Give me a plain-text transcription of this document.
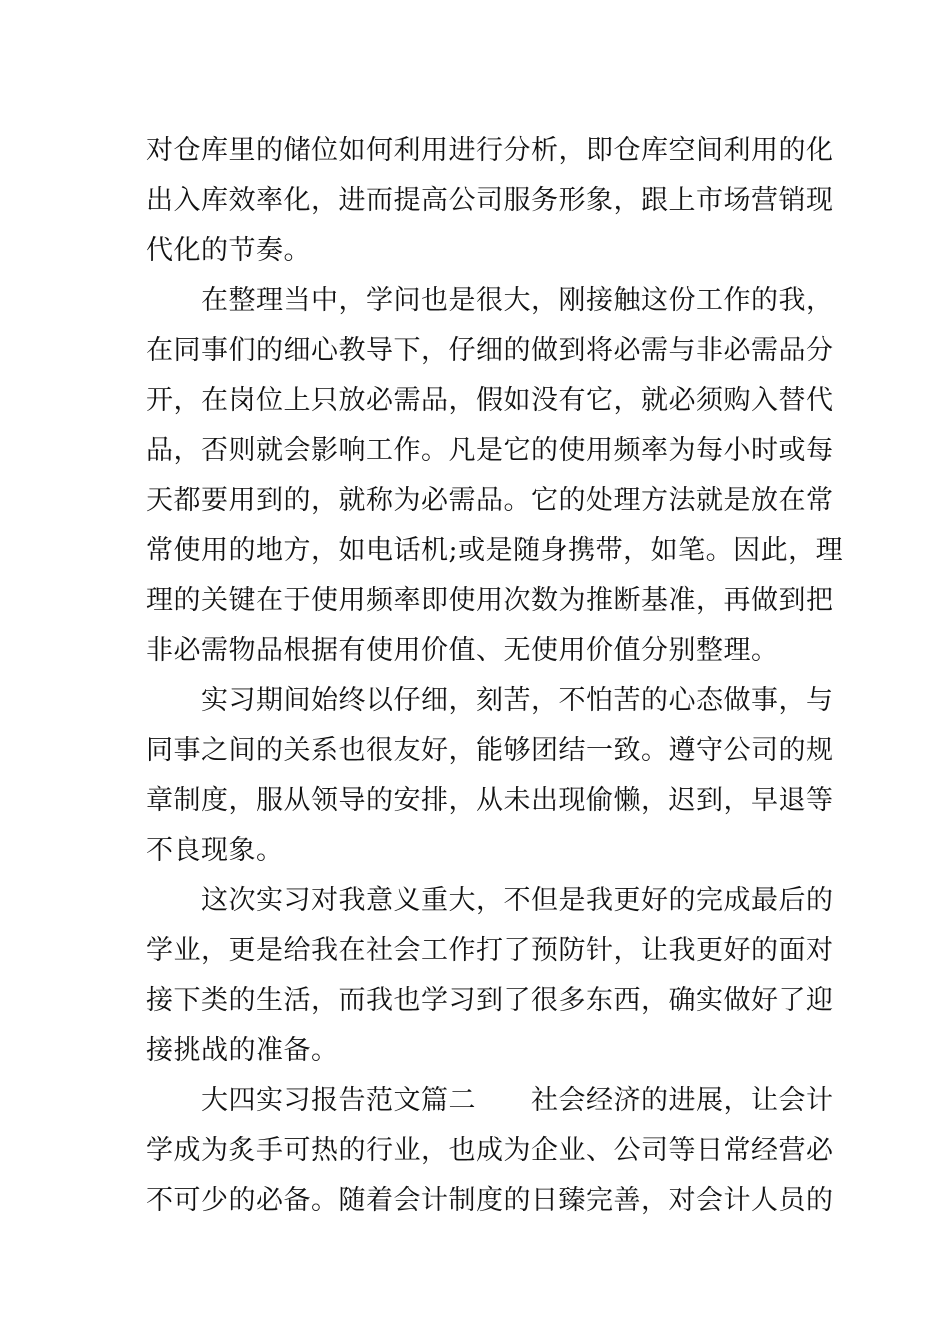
对仓库里的储位如何利用进行分析，即仓库空间利用的化
出入库效率化，进而提高公司服务形象，跟上市场营销现
代化的节奏。
在整理当中，学问也是很大，刚接触这份工作的我，
在同事们的细心教导下，仔细的做到将必需与非必需品分
开，在岗位上只放必需品，假如没有它，就必须购入替代
品，否则就会影响工作。凡是它的使用频率为每小时或每
天都要用到的，就称为必需品。它的处理方法就是放在常
常使用的地方，如电话机;或是随身携带，如笔。因此，理
理的关键在于使用频率即使用次数为推断基准，再做到把
非必需物品根据有使用价值、无使用价值分别整理。
实习期间始终以仔细，刻苦，不怕苦的心态做事，与
同事之间的关系也很友好，能够团结一致。遵守公司的规
章制度，服从领导的安排，从未出现偷懒，迟到，早退等
不良现象。
这次实习对我意义重大，不但是我更好的完成最后的
学业，更是给我在社会工作打了预防针，让我更好的面对
接下类的生活，而我也学习到了很多东西，确实做好了迎
接挑战的准备。
大四实习报告范文篇二　　社会经济的进展，让会计
学成为炙手可热的行业，也成为企业、公司等日常经营必
不可少的必备。随着会计制度的日臻完善，对会计人员的
